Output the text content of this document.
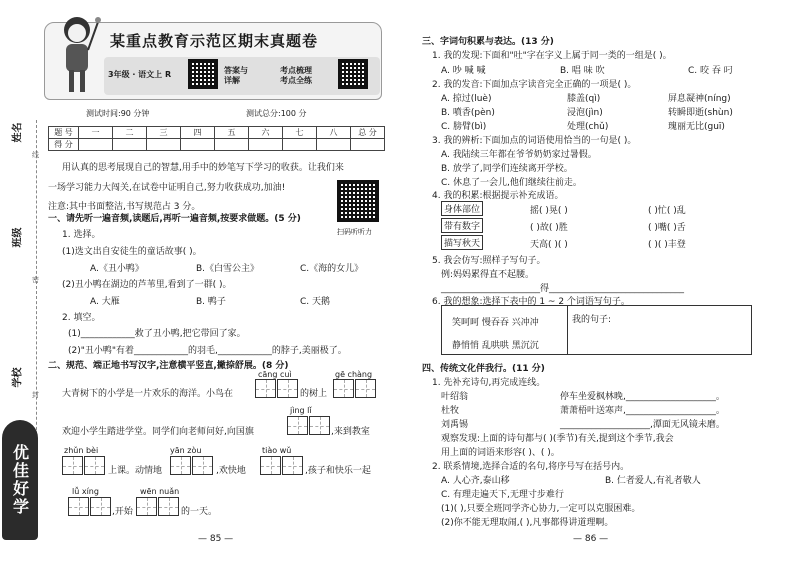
姓名
班级
学校
线
密
封
优佳好学
某重点教育示范区期末真题卷
3年级 · 语文上 R	答案与
详解
考点梳理
考点全练
测试时间:90 分钟	测试总分:100 分
题 号	一	二	三	四	五	六	七	八	总 分
得 分									
用认真的思考展现自己的智慧,用手中的妙笔写下学习的收获。让我们来
一场学习能力大闯关,在试卷中证明自己,努力收获成功,加油!
注意:其中书面整洁,书写规范占 3 分。
扫码听听力
一、请先听一遍音频,读题后,再听一遍音频,按要求做题。(5 分)
1. 选择。
(1)选文出自安徒生的童话故事( )。
A.《丑小鸭》	B.《白雪公主》	C.《海的女儿》
(2)丑小鸭在湖边的芦苇里,看到了一群( )。
A. 大雁	B. 鸭子	C. 天鹅
2. 填空。
(1)____________救了丑小鸭,把它带回了家。
(2)"丑小鸭"有着____________的羽毛,____________的脖子,美丽极了。
二、规范、端正地书写汉字,注意横平竖直,撇捺舒展。(8 分)
cāng cuì	gē chàng
大青树下的小学是一片欢乐的海洋。小鸟在	的树上
jìng lǐ
欢迎小学生踏进学堂。同学们向老师问好,向国旗	,来到教室
zhǔn bèi	yān zòu	tiào wǔ
上课。动情地	,欢快地	,孩子和快乐一起
lǚ xíng	wēn nuǎn
,开始	的一天。
— 85 —
三、字词句积累与表达。(13 分)
1. 我的发现:下面和"吐"字在字义上属于同一类的一组是( )。
A. 吵 喊 喊	B. 唱 味 吹	C. 咬 吞 叼
2. 我的发音:下面加点字读音完全正确的一项是( )。
A. 掠过(luè)	膝盖(qì)	屏息凝神(níng)
B. 噴香(pèn)	浸泡(jìn)	转瞬即逝(shùn)
C. 膀臂(bì)	处理(chǔ)	瑰丽无比(guī)
3. 我的辨析:下面加点的词语使用恰当的一句是( )。
A. 我陆续三年都在爷爷奶奶家过暑假。
B. 放学了,同学们连续离开学校。
C. 休息了一会儿,他们继续往前走。
4. 我的积累:根据提示补充成语。
身体部位	摇( )晃( )	( )忙( )乱
带有数字	( )故( )胜	( )嘴( )舌
描写秋天	天高( )( )	( )( )丰登
5. 我会仿写:照样子写句子。
例:妈妈累得直不起腰。
______________________得______________________________
6. 我的想象:选择下表中的 1 ~ 2 个词语写句子。
笑呵呵 慢吞吞 兴冲冲
静悄悄 乱哄哄 黑沉沉
我的句子:
四、传统文化伴我行。(11 分)
1. 先补充诗句,再完成连线。
叶绍翁	停车坐爱枫林晚,____________________。
杜牧	萧萧梧叶送寒声,____________________。
刘禹锡	____________________,潭面无风镜未磨。
观察发现:上面的诗句都与( )(季节)有关,提到这个季节,我会
用上面的词语来形容( )、( )。
2. 联系情境,选择合适的名句,将序号写在括号内。
A. 人心齐,泰山移	B. 仁者爱人,有礼者敬人
C. 有理走遍天下,无理寸步难行
(1)( ),只要全班同学齐心协力,一定可以克服困难。
(2)你不能无理取闹,( ),凡事都得讲道理啊。
— 86 —
